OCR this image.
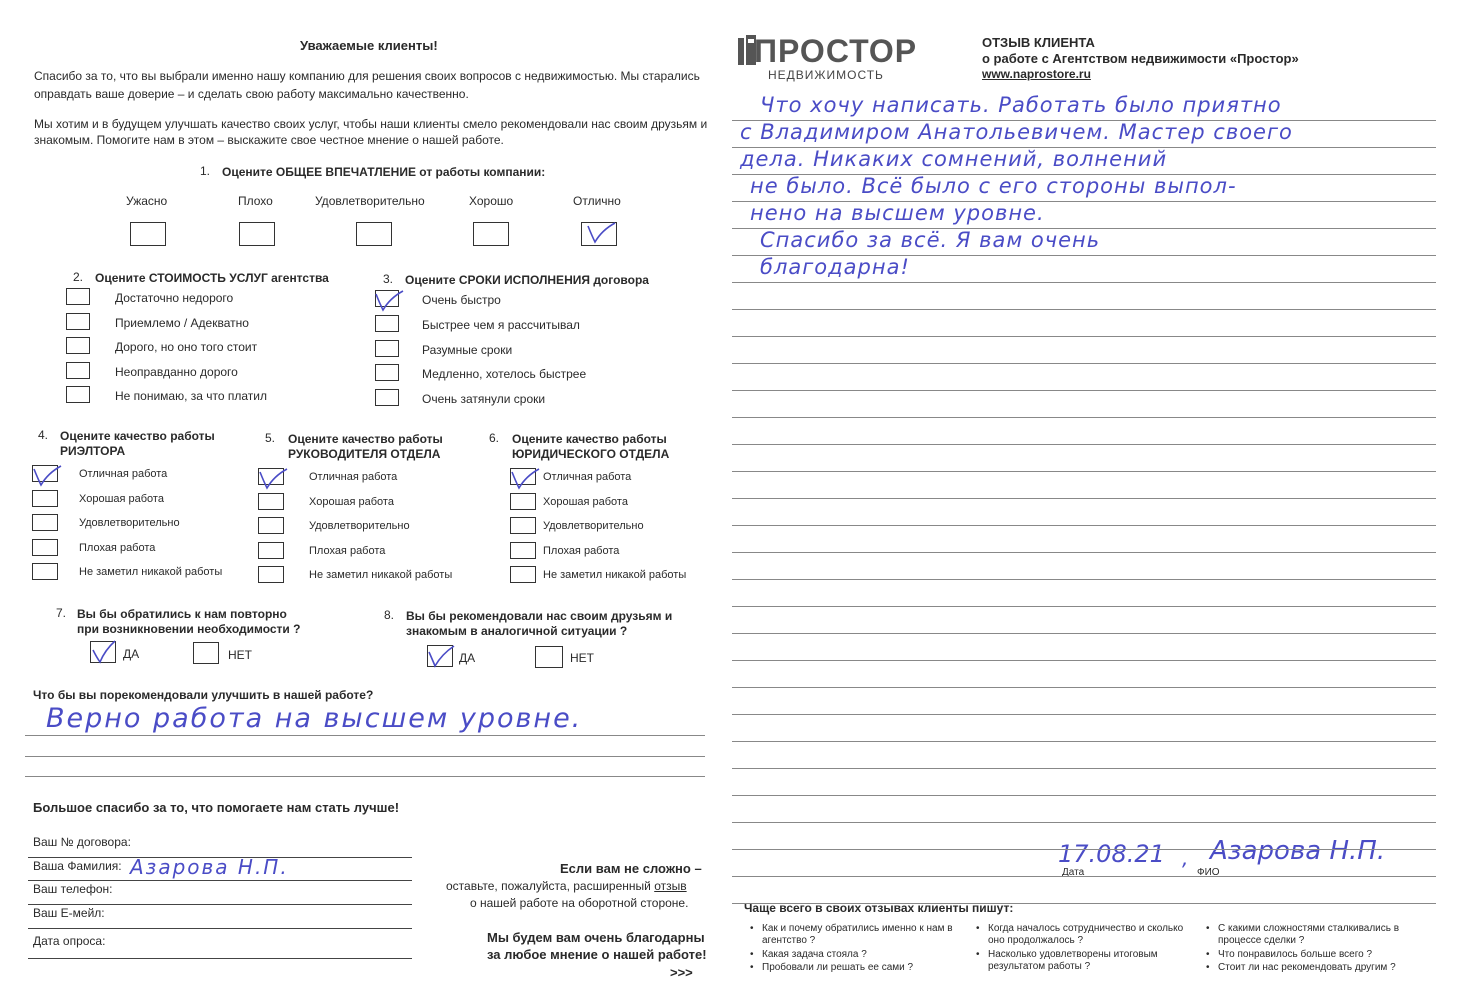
Уважаемые клиенты!
Спасибо за то, что вы выбрали именно нашу компанию для решения своих вопросов с недвижимостью. Мы старались
оправдать ваше доверие – и сделать свою работу максимально качественно.
Мы хотим и в будущем улучшать качество своих услуг, чтобы наши клиенты смело рекомендовали нас своим друзьям и
знакомым. Помогите нам в этом – выскажите свое честное мнение о нашей работе.
1. Оцените ОБЩЕЕ ВПЕЧАТЛЕНИЕ от работы компании:
2. Оцените СТОИМОСТЬ УСЛУГ агентства	3. Оцените СРОКИ ИСПОЛНЕНИЯ договора
4. Оцените качество работы
РИЭЛТОРА
5. Оцените качество работы
РУКОВОДИТЕЛЯ ОТДЕЛА
6. Оцените качество работы
ЮРИДИЧЕСКОГО ОТДЕЛА
7. Вы бы обратились к нам повторно
при возникновении необходимости ?
ДА	НЕТ
8. Вы бы рекомендовали нас своим друзьям и
знакомым в аналогичной ситуации ?
ДА	НЕТ
Что бы вы порекомендовали улучшить в нашей работе?
Верно работа на высшем уровне.
Большое спасибо за то, что помогаете нам стать лучше!
Ваш № договора:
Ваша Фамилия: Азарова Н.П.
Ваш телефон:
Ваш Е-мейл:
Дата опроса:
Если вам не сложно –
оставьте, пожалуйста, расширенный отзыв
о нашей работе на оборотной стороне.
Мы будем вам очень благодарны
за любое мнение о нашей работе!
>>>
Ужасно	Плохо	Удовлетворительно	Хорошо	Отлично
Достаточно недорого
Приемлемо / Адекватно
Дорого, но оно того стоит
Неоправданно дорого
Не понимаю, за что платил
Очень быстро
Быстрее чем я рассчитывал
Разумные сроки
Медленно, хотелось быстрее
Очень затянули сроки
Отличная работа
Хорошая работа
Удовлетворительно
Плохая работа
Не заметил никакой работы
Отличная работа
Хорошая работа
Удовлетворительно
Плохая работа
Не заметил никакой работы
Отличная работа
Хорошая работа
Удовлетворительно
Плохая работа
Не заметил никакой работы
ПРОСТОР
НЕДВИЖИМОСТЬ
ОТЗЫВ КЛИЕНТА
о работе с Агентством недвижимости «Простор»
www.naprostore.ru
17.08.21 , Азарова Н.П.
Дата	ФИО
Чаще всего в своих отзывах клиенты пишут:
Что хочу написать. Работать было приятно
с Владимиром Анатольевичем. Мастер своего
дела. Никаких сомнений, волнений
не было. Всё было с его стороны выпол-
нено на высшем уровне.
Спасибо за всё. Я вам очень
благодарна!
• Как и почему обратились именно к нам в агентство ?
• Какая задача стояла ?
• Пробовали ли решать ее сами ?
• Когда началось сотрудничество и сколько оно продолжалось ?
• Насколько удовлетворены итоговым результатом работы ?
• С какими сложностями сталкивались в процессе сделки ?
• Что понравилось больше всего ?
• Стоит ли нас рекомендовать другим ?
